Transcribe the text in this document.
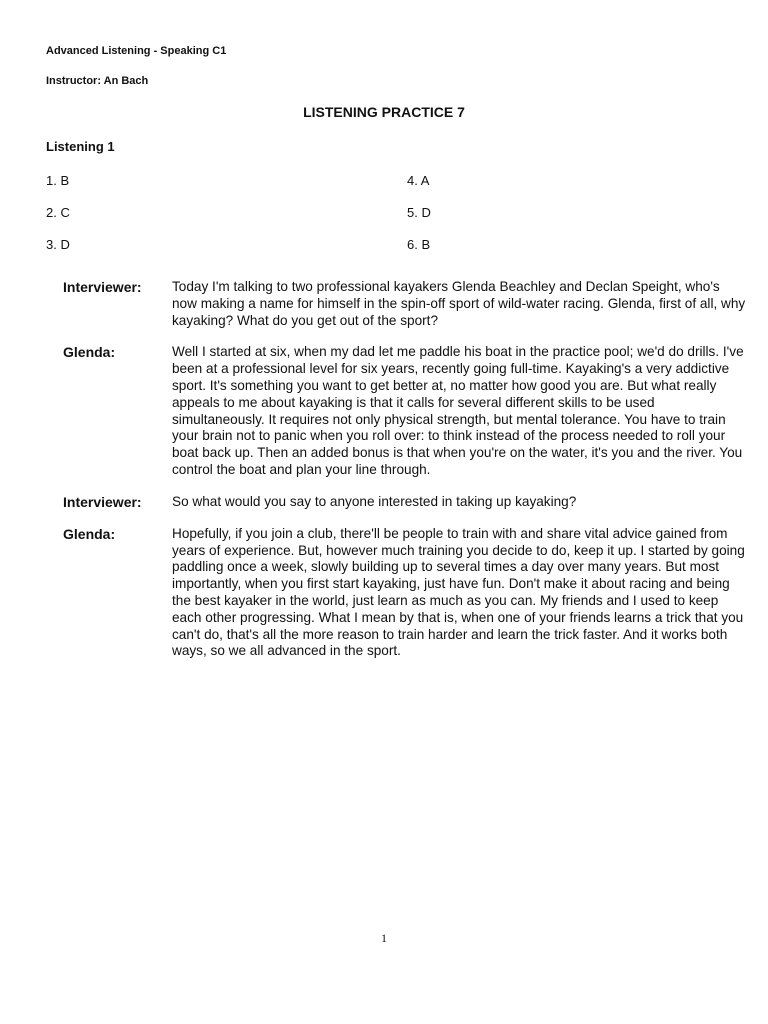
Advanced Listening - Speaking C1
Instructor: An Bach
LISTENING PRACTICE 7
Listening 1
1. B
2. C
3. D
4. A
5. D
6. B
Interviewer:	Today I'm talking to two professional kayakers Glenda Beachley and Declan Speight, who's now making a name for himself in the spin-off sport of wild-water racing. Glenda, first of all, why kayaking? What do you get out of the sport?
Glenda:	Well I started at six, when my dad let me paddle his boat in the practice pool; we'd do drills. I've been at a professional level for six years, recently going full-time. Kayaking's a very addictive sport. It's something you want to get better at, no matter how good you are. But what really appeals to me about kayaking is that it calls for several different skills to be used simultaneously. It requires not only physical strength, but mental tolerance. You have to train your brain not to panic when you roll over: to think instead of the process needed to roll your boat back up. Then an added bonus is that when you're on the water, it's you and the river. You control the boat and plan your line through.
Interviewer:	So what would you say to anyone interested in taking up kayaking?
Glenda:	Hopefully, if you join a club, there'll be people to train with and share vital advice gained from years of experience. But, however much training you decide to do, keep it up. I started by going paddling once a week, slowly building up to several times a day over many years. But most importantly, when you first start kayaking, just have fun. Don't make it about racing and being the best kayaker in the world, just learn as much as you can. My friends and I used to keep each other progressing. What I mean by that is, when one of your friends learns a trick that you can't do, that's all the more reason to train harder and learn the trick faster. And it works both ways, so we all advanced in the sport.
1
